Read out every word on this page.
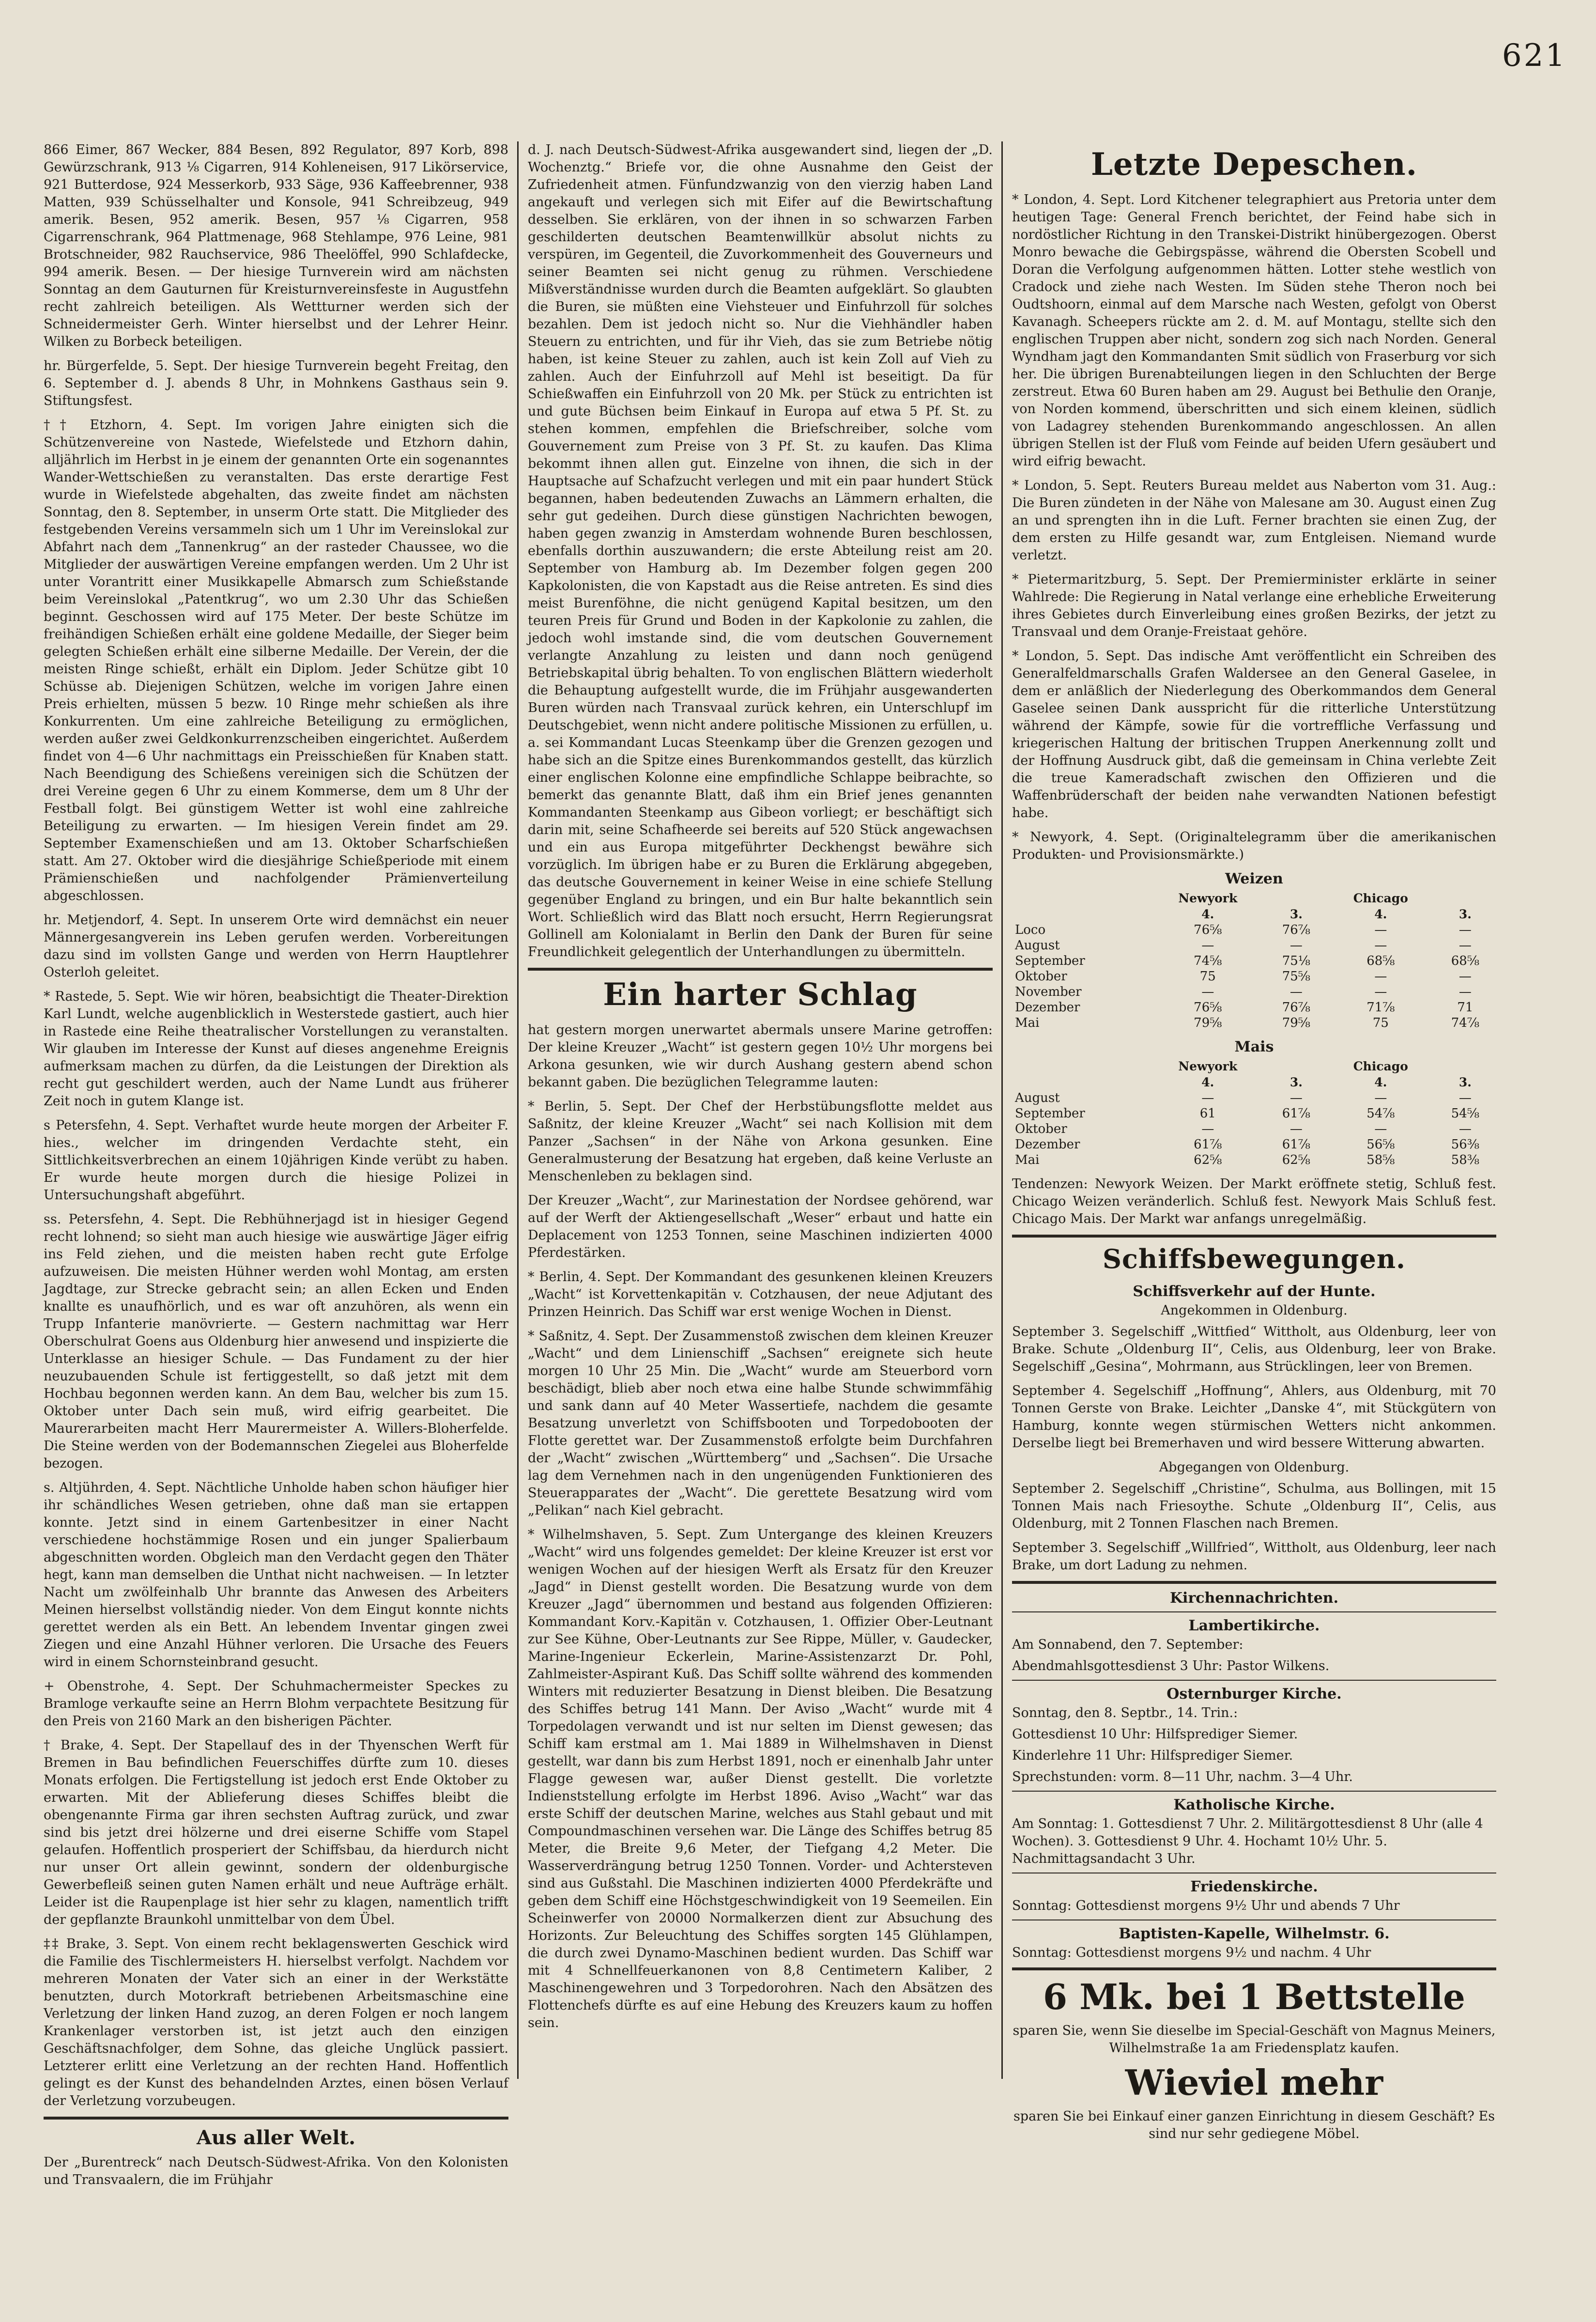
621

866 Eimer, 867 Wecker, 884 Besen, 892 Regulator, 897 Korb, 898 Gewürzschrank, 913 ⅛ Cigarren, 914 Kohleneisen, 917 Likörservice, 921 Butterdose, 924 Messerkorb, 933 Säge, 936 Kaffeebrenner, 938 Matten, 939 Schüsselhalter und Konsole, 941 Schreibzeug, 949 amerik. Besen, 952 amerik. Besen, 957 ⅛ Cigarren, 958 Cigarrenschrank, 964 Plattmenage, 968 Stehlampe, 976 Leine, 981 Brotschneider, 982 Rauchservice, 986 Theelöffel, 990 Schlafdecke, 994 amerik. Besen. — Der hiesige Turnverein wird am nächsten Sonntag an dem Gauturnen für Kreisturnvereinsfeste in Augustfehn recht zahlreich beteiligen. Als Wettturner werden sich der Schneidermeister Gerh. Winter hierselbst und der Lehrer Heinr. Wilken zu Borbeck beteiligen.

hr. Bürgerfelde, 5. Sept. Der hiesige Turnverein begeht Freitag, den 6. September d. J. abends 8 Uhr, in Mohnkens Gasthaus sein 9. Stiftungsfest.

†† Etzhorn, 4. Sept. Im vorigen Jahre einigten sich die Schützenvereine von Nastede, Wiefelstede und Etzhorn dahin, alljährlich im Herbst in je einem der genannten Orte ein sogenanntes Wander-Wettschießen zu veranstalten. Das erste derartige Fest wurde in Wiefelstede abgehalten, das zweite findet am nächsten Sonntag, den 8. September, in unserm Orte statt. Die Mitglieder des festgebenden Vereins versammeln sich um 1 Uhr im Vereinslokal zur Abfahrt nach dem „Tannenkrug“ an der rasteder Chaussee, wo die Mitglieder der auswärtigen Vereine empfangen werden. Um 2 Uhr ist unter Vorantritt einer Musikkapelle Abmarsch zum Schießstande beim Vereinslokal „Patentkrug“, wo um 2.30 Uhr das Schießen beginnt. Geschossen wird auf 175 Meter. Der beste Schütze im freihändigen Schießen erhält eine goldene Medaille, der Sieger beim gelegten Schießen erhält eine silberne Medaille. Der Verein, der die meisten Ringe schießt, erhält ein Diplom. Jeder Schütze gibt 10 Schüsse ab. Diejenigen Schützen, welche im vorigen Jahre einen Preis erhielten, müssen 5 bezw. 10 Ringe mehr schießen als ihre Konkurrenten. Um eine zahlreiche Beteiligung zu ermöglichen, werden außer zwei Geldkonkurrenzscheiben eingerichtet. Außerdem findet von 4—6 Uhr nachmittags ein Preisschießen für Knaben statt. Nach Beendigung des Schießens vereinigen sich die Schützen der drei Vereine gegen 6 Uhr zu einem Kommerse, dem um 8 Uhr der Festball folgt. Bei günstigem Wetter ist wohl eine zahlreiche Beteiligung zu erwarten. — Im hiesigen Verein findet am 29. September Examenschießen und am 13. Oktober Scharfschießen statt. Am 27. Oktober wird die diesjährige Schießperiode mit einem Prämienschießen und nachfolgender Prämienverteilung abgeschlossen.

hr. Metjendorf, 4. Sept. In unserem Orte wird demnächst ein neuer Männergesangverein ins Leben gerufen werden. Vorbereitungen dazu sind im vollsten Gange und werden von Herrn Hauptlehrer Osterloh geleitet.

* Rastede, 5. Sept. Wie wir hören, beabsichtigt die Theater-Direktion Karl Lundt, welche augenblicklich in Westerstede gastiert, auch hier in Rastede eine Reihe theatralischer Vorstellungen zu veranstalten. Wir glauben im Interesse der Kunst auf dieses angenehme Ereignis aufmerksam machen zu dürfen, da die Leistungen der Direktion als recht gut geschildert werden, auch der Name Lundt aus früherer Zeit noch in gutem Klange ist.

s Petersfehn, 4. Sept. Verhaftet wurde heute morgen der Arbeiter F. hies., welcher im dringenden Verdachte steht, ein Sittlichkeitsverbrechen an einem 10jährigen Kinde verübt zu haben. Er wurde heute morgen durch die hiesige Polizei in Untersuchungshaft abgeführt.

ss. Petersfehn, 4. Sept. Die Rebhühnerjagd ist in hiesiger Gegend recht lohnend; so sieht man auch hiesige wie auswärtige Jäger eifrig ins Feld ziehen, und die meisten haben recht gute Erfolge aufzuweisen. Die meisten Hühner werden wohl Montag, am ersten Jagdtage, zur Strecke gebracht sein; an allen Ecken und Enden knallte es unaufhörlich, und es war oft anzuhören, als wenn ein Trupp Infanterie manövrierte. — Gestern nachmittag war Herr Oberschulrat Goens aus Oldenburg hier anwesend und inspizierte die Unterklasse an hiesiger Schule. — Das Fundament zu der hier neuzubauenden Schule ist fertiggestellt, so daß jetzt mit dem Hochbau begonnen werden kann. An dem Bau, welcher bis zum 15. Oktober unter Dach sein muß, wird eifrig gearbeitet. Die Maurerarbeiten macht Herr Maurermeister A. Willers-Bloherfelde. Die Steine werden von der Bodemannschen Ziegelei aus Bloherfelde bezogen.

s. Altjührden, 4. Sept. Nächtliche Unholde haben schon häufiger hier ihr schändliches Wesen getrieben, ohne daß man sie ertappen konnte. Jetzt sind in einem Gartenbesitzer in einer Nacht verschiedene hochstämmige Rosen und ein junger Spalierbaum abgeschnitten worden. Obgleich man den Verdacht gegen den Thäter hegt, kann man demselben die Unthat nicht nachweisen. — In letzter Nacht um zwölfeinhalb Uhr brannte das Anwesen des Arbeiters Meinen hierselbst vollständig nieder. Von dem Eingut konnte nichts gerettet werden als ein Bett. An lebendem Inventar gingen zwei Ziegen und eine Anzahl Hühner verloren. Die Ursache des Feuers wird in einem Schornsteinbrand gesucht.

+ Obenstrohe, 4. Sept. Der Schuhmachermeister Speckes zu Bramloge verkaufte seine an Herrn Blohm verpachtete Besitzung für den Preis von 2160 Mark an den bisherigen Pächter.

† Brake, 4. Sept. Der Stapellauf des in der Thyenschen Werft für Bremen in Bau befindlichen Feuerschiffes dürfte zum 10. dieses Monats erfolgen. Die Fertigstellung ist jedoch erst Ende Oktober zu erwarten. Mit der Ablieferung dieses Schiffes bleibt die obengenannte Firma gar ihren sechsten Auftrag zurück, und zwar sind bis jetzt drei hölzerne und drei eiserne Schiffe vom Stapel gelaufen. Hoffentlich prosperiert der Schiffsbau, da hierdurch nicht nur unser Ort allein gewinnt, sondern der oldenburgische Gewerbefleiß seinen guten Namen erhält und neue Aufträge erhält. Leider ist die Raupenplage ist hier sehr zu klagen, namentlich trifft der gepflanzte Braunkohl unmittelbar von dem Übel.

‡‡ Brake, 3. Sept. Von einem recht beklagenswerten Geschick wird die Familie des Tischlermeisters H. hierselbst verfolgt. Nachdem vor mehreren Monaten der Vater sich an einer in der Werkstätte benutzten, durch Motorkraft betriebenen Arbeitsmaschine eine Verletzung der linken Hand zuzog, an deren Folgen er noch langem Krankenlager verstorben ist, ist jetzt auch den einzigen Geschäftsnachfolger, dem Sohne, das gleiche Unglück passiert. Letzterer erlitt eine Verletzung an der rechten Hand. Hoffentlich gelingt es der Kunst des behandelnden Arztes, einen bösen Verlauf der Verletzung vorzubeugen.

Aus aller Welt.

Der „Burentreck“ nach Deutsch-Südwest-Afrika. Von den Kolonisten und Transvaalern, die im Frühjahr

d. J. nach Deutsch-Südwest-Afrika ausgewandert sind, liegen der „D. Wochenztg.“ Briefe vor, die ohne Ausnahme den Geist der Zufriedenheit atmen. Fünfundzwanzig von den vierzig haben Land angekauft und verlegen sich mit Eifer auf die Bewirtschaftung desselben. Sie erklären, von der ihnen in so schwarzen Farben geschilderten deutschen Beamtenwillkür absolut nichts zu verspüren, im Gegenteil, die Zuvorkommenheit des Gouverneurs und seiner Beamten sei nicht genug zu rühmen. Verschiedene Mißverständnisse wurden durch die Beamten aufgeklärt. So glaubten die Buren, sie müßten eine Viehsteuer und Einfuhrzoll für solches bezahlen. Dem ist jedoch nicht so. Nur die Viehhändler haben Steuern zu entrichten, und für ihr Vieh, das sie zum Betriebe nötig haben, ist keine Steuer zu zahlen, auch ist kein Zoll auf Vieh zu zahlen. Auch der Einfuhrzoll auf Mehl ist beseitigt. Da für Schießwaffen ein Einfuhrzoll von 20 Mk. per Stück zu entrichten ist und gute Büchsen beim Einkauf in Europa auf etwa 5 Pf. St. zu stehen kommen, empfehlen die Briefschreiber, solche vom Gouvernement zum Preise von 3 Pf. St. zu kaufen. Das Klima bekommt ihnen allen gut. Einzelne von ihnen, die sich in der Hauptsache auf Schafzucht verlegen und mit ein paar hundert Stück begannen, haben bedeutenden Zuwachs an Lämmern erhalten, die sehr gut gedeihen. Durch diese günstigen Nachrichten bewogen, haben gegen zwanzig in Amsterdam wohnende Buren beschlossen, ebenfalls dorthin auszuwandern; die erste Abteilung reist am 20. September von Hamburg ab. Im Dezember folgen gegen 200 Kapkolonisten, die von Kapstadt aus die Reise antreten. Es sind dies meist Burenföhne, die nicht genügend Kapital besitzen, um den teuren Preis für Grund und Boden in der Kapkolonie zu zahlen, die jedoch wohl imstande sind, die vom deutschen Gouvernement verlangte Anzahlung zu leisten und dann noch genügend Betriebskapital übrig behalten. To von englischen Blättern wiederholt die Behauptung aufgestellt wurde, die im Frühjahr ausgewanderten Buren würden nach Transvaal zurück kehren, ein Unterschlupf im Deutschgebiet, wenn nicht andere politische Missionen zu erfüllen, u. a. sei Kommandant Lucas Steenkamp über die Grenzen gezogen und habe sich an die Spitze eines Burenkommandos gestellt, das kürzlich einer englischen Kolonne eine empfindliche Schlappe beibrachte, so bemerkt das genannte Blatt, daß ihm ein Brief jenes genannten Kommandanten Steenkamp aus Gibeon vorliegt; er beschäftigt sich darin mit, seine Schafheerde sei bereits auf 520 Stück angewachsen und ein aus Europa mitgeführter Deckhengst bewähre sich vorzüglich. Im übrigen habe er zu Buren die Erklärung abgegeben, das deutsche Gouvernement in keiner Weise in eine schiefe Stellung gegenüber England zu bringen, und ein Bur halte bekanntlich sein Wort. Schließlich wird das Blatt noch ersucht, Herrn Regierungsrat Gollinell am Kolonialamt in Berlin den Dank der Buren für seine Freundlichkeit gelegentlich der Unterhandlungen zu übermitteln.

Ein harter Schlag

hat gestern morgen unerwartet abermals unsere Marine getroffen: Der kleine Kreuzer „Wacht“ ist gestern gegen 10½ Uhr morgens bei Arkona gesunken, wie wir durch Aushang gestern abend schon bekannt gaben. Die bezüglichen Telegramme lauten:

* Berlin, 5. Sept. Der Chef der Herbstübungsflotte meldet aus Saßnitz, der kleine Kreuzer „Wacht“ sei nach Kollision mit dem Panzer „Sachsen“ in der Nähe von Arkona gesunken. Eine Generalmusterung der Besatzung hat ergeben, daß keine Verluste an Menschenleben zu beklagen sind.

Der Kreuzer „Wacht“, zur Marinestation der Nordsee gehörend, war auf der Werft der Aktiengesellschaft „Weser“ erbaut und hatte ein Deplacement von 1253 Tonnen, seine Maschinen indizierten 4000 Pferdestärken.

* Berlin, 4. Sept. Der Kommandant des gesunkenen kleinen Kreuzers „Wacht“ ist Korvettenkapitän v. Cotzhausen, der neue Adjutant des Prinzen Heinrich. Das Schiff war erst wenige Wochen in Dienst.

* Saßnitz, 4. Sept. Der Zusammenstoß zwischen dem kleinen Kreuzer „Wacht“ und dem Linienschiff „Sachsen“ ereignete sich heute morgen 10 Uhr 25 Min. Die „Wacht“ wurde am Steuerbord vorn beschädigt, blieb aber noch etwa eine halbe Stunde schwimmfähig und sank dann auf 40 Meter Wassertiefe, nachdem die gesamte Besatzung unverletzt von Schiffsbooten und Torpedobooten der Flotte gerettet war. Der Zusammenstoß erfolgte beim Durchfahren der „Wacht“ zwischen „Württemberg“ und „Sachsen“. Die Ursache lag dem Vernehmen nach in den ungenügenden Funktionieren des Steuerapparates der „Wacht“. Die gerettete Besatzung wird vom „Pelikan“ nach Kiel gebracht.

* Wilhelmshaven, 5. Sept. Zum Untergange des kleinen Kreuzers „Wacht“ wird uns folgendes gemeldet: Der kleine Kreuzer ist erst vor wenigen Wochen auf der hiesigen Werft als Ersatz für den Kreuzer „Jagd“ in Dienst gestellt worden. Die Besatzung wurde von dem Kreuzer „Jagd“ übernommen und bestand aus folgenden Offizieren: Kommandant Korv.-Kapitän v. Cotzhausen, 1. Offizier Ober-Leutnant zur See Kühne, Ober-Leutnants zur See Rippe, Müller, v. Gaudecker, Marine-Ingenieur Eckerlein, Marine-Assistenzarzt Dr. Pohl, Zahlmeister-Aspirant Kuß. Das Schiff sollte während des kommenden Winters mit reduzierter Besatzung in Dienst bleiben. Die Besatzung des Schiffes betrug 141 Mann. Der Aviso „Wacht“ wurde mit 4 Torpedolagen verwandt und ist nur selten im Dienst gewesen; das Schiff kam erstmal am 1. Mai 1889 in Wilhelmshaven in Dienst gestellt, war dann bis zum Herbst 1891, noch er einenhalb Jahr unter Flagge gewesen war, außer Dienst gestellt. Die vorletzte Indienststellung erfolgte im Herbst 1896. Aviso „Wacht“ war das erste Schiff der deutschen Marine, welches aus Stahl gebaut und mit Compoundmaschinen versehen war. Die Länge des Schiffes betrug 85 Meter, die Breite 9,6 Meter, der Tiefgang 4,2 Meter. Die Wasserverdrängung betrug 1250 Tonnen. Vorder- und Achtersteven sind aus Gußstahl. Die Maschinen indizierten 4000 Pferdekräfte und geben dem Schiff eine Höchstgeschwindigkeit von 19 Seemeilen. Ein Scheinwerfer von 20000 Normalkerzen dient zur Absuchung des Horizonts. Zur Beleuchtung des Schiffes sorgten 145 Glühlampen, die durch zwei Dynamo-Maschinen bedient wurden. Das Schiff war mit 4 Schnellfeuerkanonen von 8,8 Centimetern Kaliber, 2 Maschinengewehren und 3 Torpedorohren. Nach den Absätzen des Flottenchefs dürfte es auf eine Hebung des Kreuzers kaum zu hoffen sein.

Letzte Depeschen.

* London, 4. Sept. Lord Kitchener telegraphiert aus Pretoria unter dem heutigen Tage: General French berichtet, der Feind habe sich in nordöstlicher Richtung in den Transkei-Distrikt hinübergezogen. Oberst Monro bewache die Gebirgspässe, während die Obersten Scobell und Doran die Verfolgung aufgenommen hätten. Lotter stehe westlich von Cradock und ziehe nach Westen. Im Süden stehe Theron noch bei Oudtshoorn, einmal auf dem Marsche nach Westen, gefolgt von Oberst Kavanagh. Scheepers rückte am 2. d. M. auf Montagu, stellte sich den englischen Truppen aber nicht, sondern zog sich nach Norden. General Wyndham jagt den Kommandanten Smit südlich von Fraserburg vor sich her. Die übrigen Burenabteilungen liegen in den Schluchten der Berge zerstreut. Etwa 60 Buren haben am 29. August bei Bethulie den Oranje, von Norden kommend, überschritten und sich einem kleinen, südlich von Ladagrey stehenden Burenkommando angeschlossen. An allen übrigen Stellen ist der Fluß vom Feinde auf beiden Ufern gesäubert und wird eifrig bewacht.

* London, 5. Sept. Reuters Bureau meldet aus Naberton vom 31. Aug.: Die Buren zündeten in der Nähe von Malesane am 30. August einen Zug an und sprengten ihn in die Luft. Ferner brachten sie einen Zug, der dem ersten zu Hilfe gesandt war, zum Entgleisen. Niemand wurde verletzt.

* Pietermaritzburg, 5. Sept. Der Premierminister erklärte in seiner Wahlrede: Die Regierung in Natal verlange eine erhebliche Erweiterung ihres Gebietes durch Einverleibung eines großen Bezirks, der jetzt zu Transvaal und dem Oranje-Freistaat gehöre.

* London, 5. Sept. Das indische Amt veröffentlicht ein Schreiben des Generalfeldmarschalls Grafen Waldersee an den General Gaselee, in dem er anläßlich der Niederlegung des Oberkommandos dem General Gaselee seinen Dank ausspricht für die ritterliche Unterstützung während der Kämpfe, sowie für die vortreffliche Verfassung und kriegerischen Haltung der britischen Truppen Anerkennung zollt und der Hoffnung Ausdruck gibt, daß die gemeinsam in China verlebte Zeit die treue Kameradschaft zwischen den Offizieren und die Waffenbrüderschaft der beiden nahe verwandten Nationen befestigt habe.

* Newyork, 4. Sept. (Originaltelegramm über die amerikanischen Produkten- und Provisionsmärkte.)

Weizen
	Newyork		Chicago	
	4.	3.	4.	3.
Loco	76⅝	76⅞	—	—
August	—	—	—	—
September	74⅝	75⅛	68⅝	68⅝
Oktober	75	75⅝	—	—
November	—	—	—	—
Dezember	76⅝	76⅞	71⅞	71
Mai	79⅝	79⅝	75	74⅞
Mais
	Newyork		Chicago	
	4.	3.	4.	3.
August	—	—	—	—
September	61	61⅞	54⅞	54⅝
Oktober	—	—	—	—
Dezember	61⅞	61⅞	56⅝	56⅜
Mai	62⅝	62⅝	58⅝	58⅜

Tendenzen: Newyork Weizen. Der Markt eröffnete stetig, Schluß fest. Chicago Weizen veränderlich. Schluß fest. Newyork Mais Schluß fest. Chicago Mais. Der Markt war anfangs unregelmäßig.

Schiffsbewegungen.
Schiffsverkehr auf der Hunte.
Angekommen in Oldenburg.

September 3. Segelschiff „Wittfied“ Wittholt, aus Oldenburg, leer von Brake. Schute „Oldenburg II“, Celis, aus Oldenburg, leer von Brake. Segelschiff „Gesina“, Mohrmann, aus Strücklingen, leer von Bremen.

September 4. Segelschiff „Hoffnung“, Ahlers, aus Oldenburg, mit 70 Tonnen Gerste von Brake. Leichter „Danske 4“, mit Stückgütern von Hamburg, konnte wegen stürmischen Wetters nicht ankommen. Derselbe liegt bei Bremerhaven und wird bessere Witterung abwarten.

Abgegangen von Oldenburg.

September 2. Segelschiff „Christine“, Schulma, aus Bollingen, mit 15 Tonnen Mais nach Friesoythe. Schute „Oldenburg II“, Celis, aus Oldenburg, mit 2 Tonnen Flaschen nach Bremen.

September 3. Segelschiff „Willfried“, Wittholt, aus Oldenburg, leer nach Brake, um dort Ladung zu nehmen.

Kirchennachrichten.
Lambertikirche.
Am Sonnabend, den 7. September:
Abendmahlsgottesdienst 3 Uhr: Pastor Wilkens.
Osternburger Kirche.
Sonntag, den 8. Septbr., 14. Trin.:
Gottesdienst 10 Uhr: Hilfsprediger Siemer.
Kinderlehre 11 Uhr: Hilfsprediger Siemer.
Sprechstunden: vorm. 8—11 Uhr, nachm. 3—4 Uhr.
Katholische Kirche.
Am Sonntag: 1. Gottesdienst 7 Uhr. 2. Militärgottesdienst 8 Uhr (alle 4 Wochen). 3. Gottesdienst 9 Uhr. 4. Hochamt 10½ Uhr. 5. Nachmittagsandacht 3 Uhr.
Friedenskirche.
Sonntag: Gottesdienst morgens 9½ Uhr und abends 7 Uhr
Baptisten-Kapelle, Wilhelmstr. 6.
Sonntag: Gottesdienst morgens 9½ und nachm. 4 Uhr
6 Mk. bei 1 Bettstelle
sparen Sie, wenn Sie dieselbe im Special-Geschäft von Magnus Meiners, Wilhelmstraße 1a am Friedensplatz kaufen.
Wieviel mehr
sparen Sie bei Einkauf einer ganzen Einrichtung in diesem Geschäft? Es sind nur sehr gediegene Möbel.
